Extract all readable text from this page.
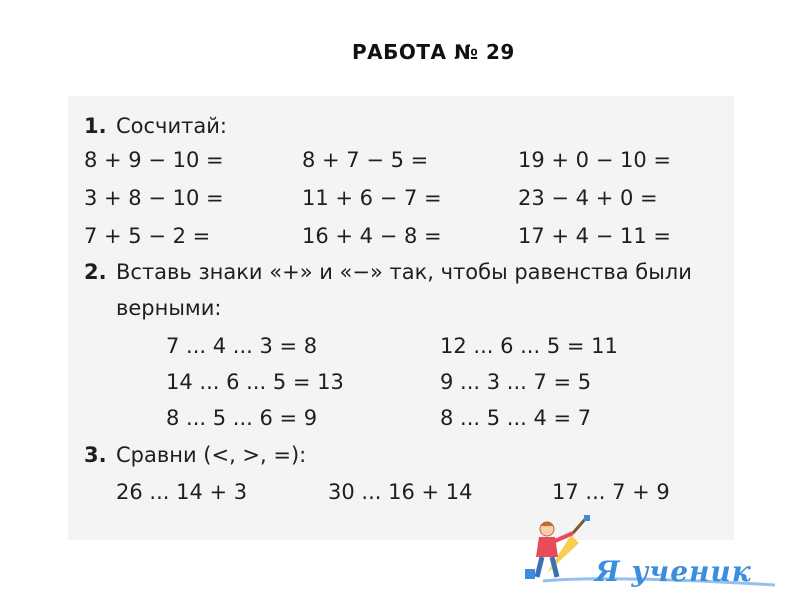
РАБОТА № 29
1. Сосчитай:
8 + 9 − 10 =	8 + 7 − 5 =	19 + 0 − 10 =
3 + 8 − 10 =	11 + 6 − 7 =	23 − 4 + 0 =
7 + 5 − 2 =	16 + 4 − 8 =	17 + 4 − 11 =
2. Вставь знаки «+» и «−» так, чтобы равенства были
верными:
7 ... 4 ... 3 = 8	12 ... 6 ... 5 = 11
14 ... 6 ... 5 = 13	9 ... 3 ... 7 = 5
8 ... 5 ... 6 = 9	8 ... 5 ... 4 = 7
3. Сравни (<, >, =):
26 ... 14 + 3	30 ... 16 + 14	17 ... 7 + 9
Я ученик
